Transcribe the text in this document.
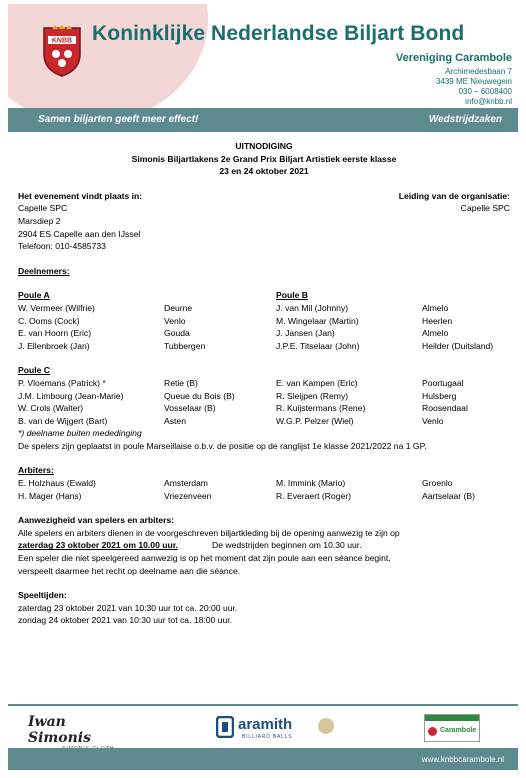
KNBB Koninklijke Nederlandse Biljart Bond
Vereniging Carambole
Archimedesbaan 7
3439 ME Nieuwegein
030 – 6008400
info@knbb.nl
Samen biljarten geeft meer effect!	Wedstrijdzaken
UITNODIGING
Simonis Biljartlakens 2e Grand Prix Biljart Artistiek eerste klasse
23 en 24 oktober 2021
Het evenement vindt plaats in:	Leiding van de organisatie:
Capelle SPC	Capelle SPC
Marsdiep 2
2904 ES Capelle aan den IJssel
Telefoon: 010-4585733
Deelnemers:
Poule A	Poule B
W. Vermeer (Wilfrie)	Deurne	J. van Mil (Johnny)	Almelo
C. Ooms (Cock)	Venlo	M. Wingelaar (Martin)	Heerlen
E. van Hoorn (Eric)	Gouda	J. Jansen (Jan)	Almelo
J. Ellenbroek (Jan)	Tubbergen	J.P.E. Titselaar (John)	Heilder (Duitsland)
Poule C
P. Vloemans (Patrick) *	Retie (B)	E. van Kampen (Eric)	Poortugaal
J.M. Limbourg (Jean-Marie)	Queue du Bois (B)	R. Sleijpen (Remy)	Hulsberg
W. Crols (Walter)	Vosselaar (B)	R. Kuijstermans (Rene)	Roosendaal
B. van de Wijgert (Bart)	Asten	W.G.P. Pelzer (Wiel)	Venlo
*) deelname buiten mededinging
De spelers zijn geplaatst in poule Marseillaise o.b.v. de positie op de ranglijst 1e klasse 2021/2022 na 1 GP.
Arbiters:
E. Holzhaus (Ewald)	Amsterdam	M. Immink (Mario)	Groenlo
H. Mager (Hans)	Vriezenveen	R. Everaert (Roger)	Aartselaar (B)
Aanwezigheid van spelers en arbiters:
Alle spelers en arbiters dienen in de voorgeschreven biljartkleding bij de opening aanwezig te zijn op
zaterdag 23 oktober 2021 om 10.00 uur.	De wedstrijden beginnen om 10.30 uur.
Een speler die niet speelgereed aanwezig is op het moment dat zijn poule aan een séance begint,
verspeelt daarmee het recht op deelname aan die séance.
Speeltijden:
zaterdag 23 oktober 2021 van 10:30 uur tot ca. 20:00 uur.
zondag 24 oktober 2021 van 10:30 uur tot ca. 18:00 uur.
Iwan Simonis
aramith
BILLIARD BALLS
Carambole
www.knbbcarambole.nl
